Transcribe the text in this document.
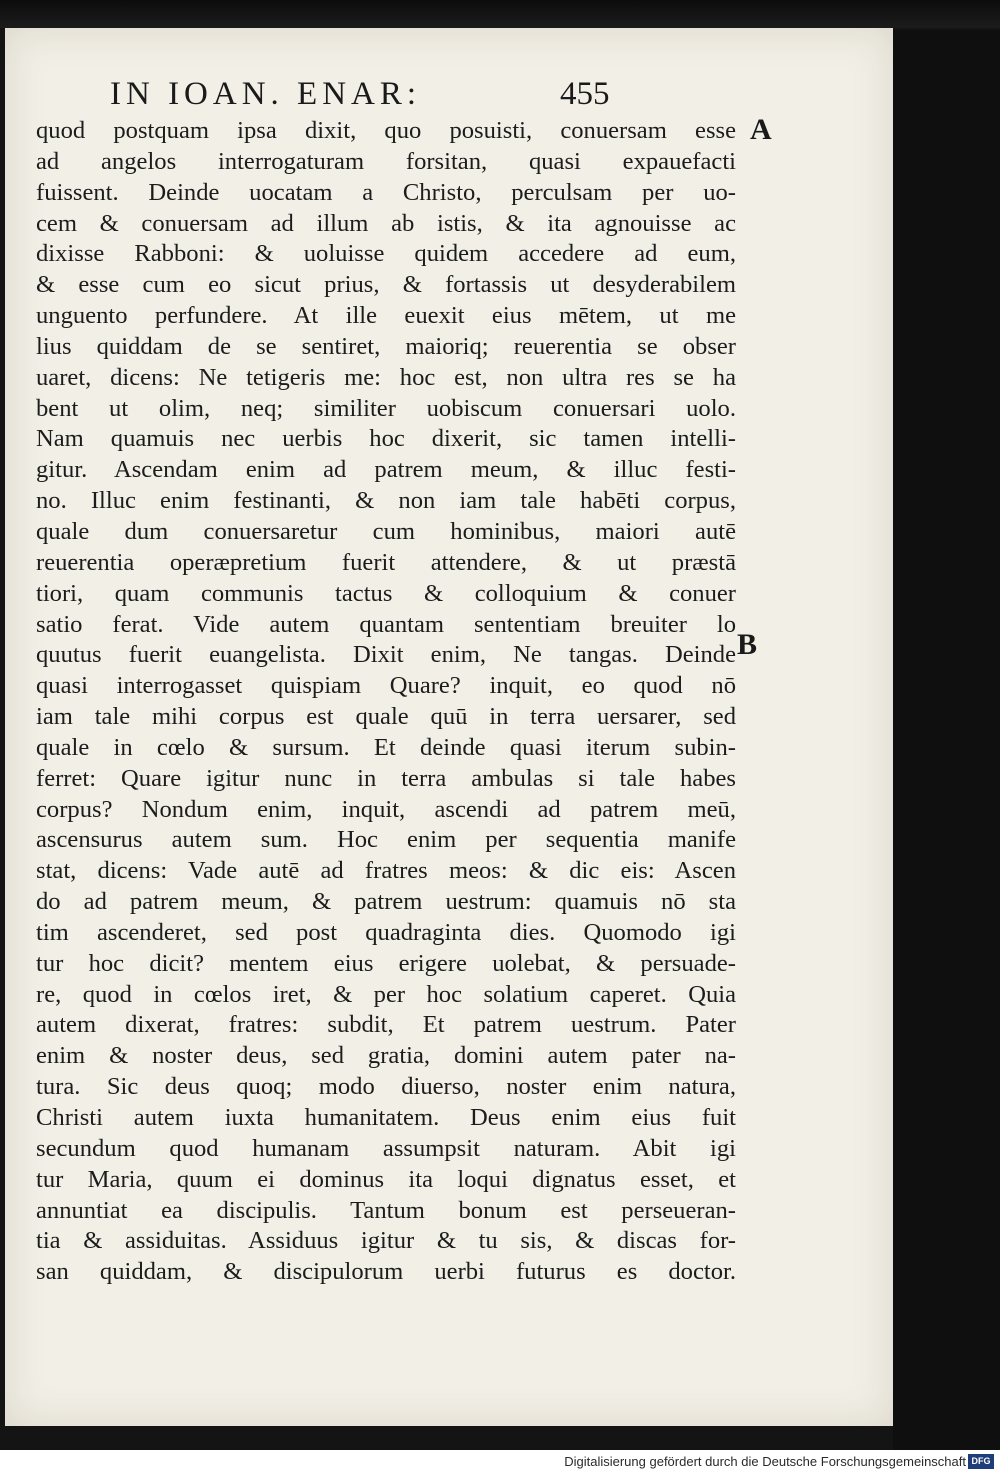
IN IOAN. ENAR:	455
A
B
quod postquam ipsa dixit, quo posuisti, conuersam esse
ad angelos interrogaturam forsitan, quasi expauefacti
fuissent. Deinde uocatam a Christo, perculsam per uo-
cem & conuersam ad illum ab istis, & ita agnouisse ac
dixisse Rabboni: & uoluisse quidem accedere ad eum,
& esse cum eo sicut prius, & fortassis ut desyderabilem
unguento perfundere. At ille euexit eius mētem, ut me
lius quiddam de se sentiret, maioriq; reuerentia se obser
uaret, dicens: Ne tetigeris me: hoc est, non ultra res se ha
bent ut olim, neq; similiter uobiscum conuersari uolo.
Nam quamuis nec uerbis hoc dixerit, sic tamen intelli-
gitur. Ascendam enim ad patrem meum, & illuc festi-
no. Illuc enim festinanti, & non iam tale habēti corpus,
quale dum conuersaretur cum hominibus, maiori autē
reuerentia operæpretium fuerit attendere, & ut præstā
tiori, quam communis tactus & colloquium & conuer
satio ferat. Vide autem quantam sententiam breuiter lo
quutus fuerit euangelista. Dixit enim, Ne tangas. Deinde
quasi interrogasset quispiam Quare? inquit, eo quod nō
iam tale mihi corpus est quale quū in terra uersarer, sed
quale in cœlo & sursum. Et deinde quasi iterum subin-
ferret: Quare igitur nunc in terra ambulas si tale habes
corpus? Nondum enim, inquit, ascendi ad patrem meū,
ascensurus autem sum. Hoc enim per sequentia manife
stat, dicens: Vade autē ad fratres meos: & dic eis: Ascen
do ad patrem meum, & patrem uestrum: quamuis nō sta
tim ascenderet, sed post quadraginta dies. Quomodo igi
tur hoc dicit? mentem eius erigere uolebat, & persuade-
re, quod in cœlos iret, & per hoc solatium caperet. Quia
autem dixerat, fratres: subdit, Et patrem uestrum. Pater
enim & noster deus, sed gratia, domini autem pater na-
tura. Sic deus quoq; modo diuerso, noster enim natura,
Christi autem iuxta humanitatem. Deus enim eius fuit
secundum quod humanam assumpsit naturam. Abit igi
tur Maria, quum ei dominus ita loqui dignatus esset, et
annuntiat ea discipulis. Tantum bonum est perseueran-
tia & assiduitas. Assiduus igitur & tu sis, & discas for-
san quiddam, & discipulorum uerbi futurus es doctor.
Digitalisierung gefördert durch die Deutsche Forschungsgemeinschaft DFG
